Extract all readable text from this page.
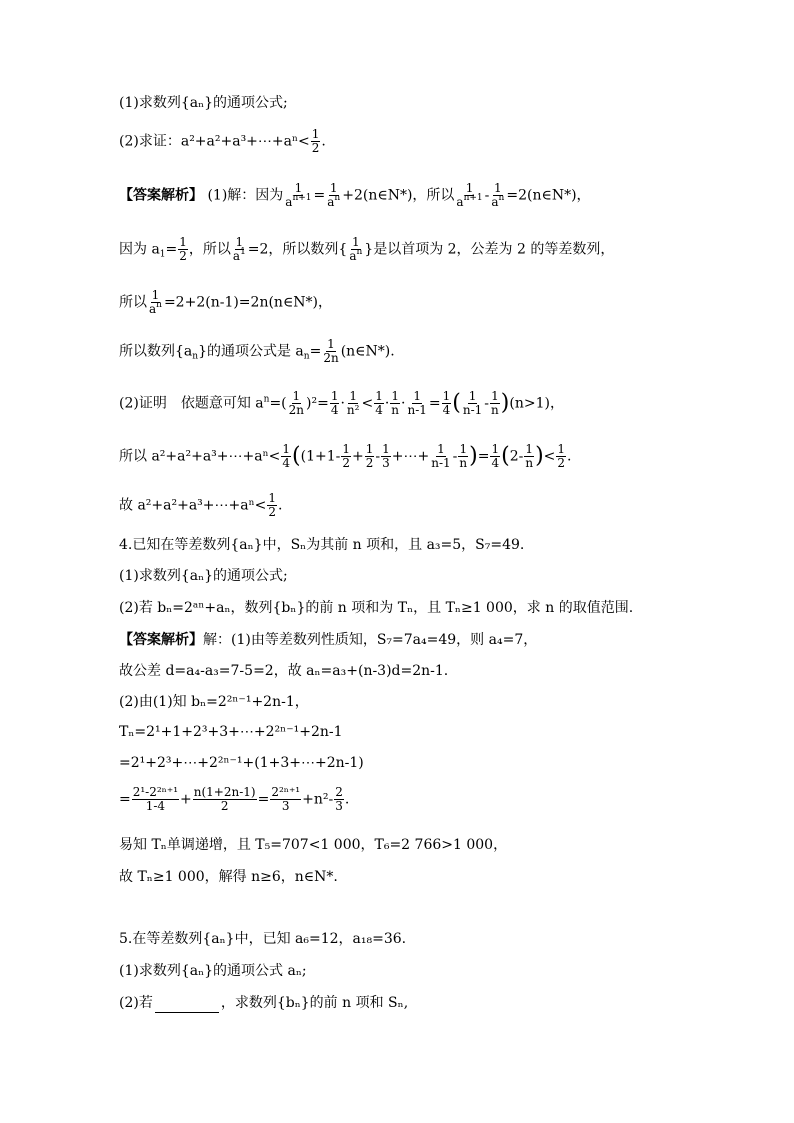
(1)求数列{aₙ}的通项公式;
(2)求证：a²+a²+a³+⋯+aⁿ< $\frac{1}{2}$ .
【答案解析】 (1)解：因为 $\frac{1}{a^{n+1}} = \frac{1}{a^n}$ +2(n∈N*)，所以 $\frac{1}{a^{n+1}} - \frac{1}{a^n}$ =2(n∈N*)，
因为 $a_1= \frac{1}{2}$ ，所以 $\frac{1}{a^1} =2$，所以数列{ $\frac{1}{a^n}$ }是以首项为 2，公差为 2 的等差数列，
所以 $\frac{1}{a^n}$ =2+2(n-1)=2n(n∈N*)，
所以数列$\{a_n\}$的通项公式是 $a_n= \frac{1}{2n}$ (n∈N*).
(2)证明　依题意可知 $a^n=( \frac{1}{2n} )^2= \frac{1}{4} \cdot \frac{1}{\text{n²}} < \frac{1}{4} \cdot \frac{1}{n} \cdot \frac{1}{n-1} = \frac{1}{4}$ ( $\frac{1}{n-1} - \frac{1}{n} )(n>1)$，
所以 a²+a²+a³+⋯+aⁿ< $\frac{1}{4} ((1+1- \frac{1}{2} + \frac{1}{2} - \frac{1}{3}$ +⋯+ $\frac{1}{n-1} - \frac{1}{n}$ )= $\frac{1}{4} (2- \frac{1}{n}$ )< $\frac{1}{2}$ .
故 a²+a²+a³+⋯+aⁿ< $\frac{1}{2}$ .
4.已知在等差数列{aₙ}中，Sₙ为其前 n 项和，且 a₃=5，S₇=49.
(1)求数列{aₙ}的通项公式;
(2)若 bₙ=2ᵃⁿ+aₙ，数列{bₙ}的前 n 项和为 Tₙ，且 Tₙ≥1 000，求 n 的取值范围.
【答案解析】解：(1)由等差数列性质知，S₇=7a₄=49，则 a₄=7，
故公差 d=a₄-a₃=7-5=2，故 aₙ=a₃+(n-3)d=2n-1.
(2)由(1)知 bₙ=2²ⁿ⁻¹+2n-1，
Tₙ=2¹+1+2³+3+⋯+2²ⁿ⁻¹+2n-1
=2¹+2³+⋯+2²ⁿ⁻¹+(1+3+⋯+2n-1)
= $\frac{\text{2¹-2²ⁿ⁺¹}}{1-4} + \frac{n(1+2n-1)}{2} = \frac{\text{2²ⁿ⁺¹}}{3} +n^2- \frac{2}{3}$ .
易知 Tₙ单调递增，且 T₅=707<1 000，T₆=2 766>1 000，
故 Tₙ≥1 000，解得 n≥6，n∈N*.
5.在等差数列{aₙ}中，已知 a₆=12，a₁₈=36.
(1)求数列{aₙ}的通项公式 aₙ;
(2)若	，求数列{bₙ}的前 n 项和 Sₙ,
